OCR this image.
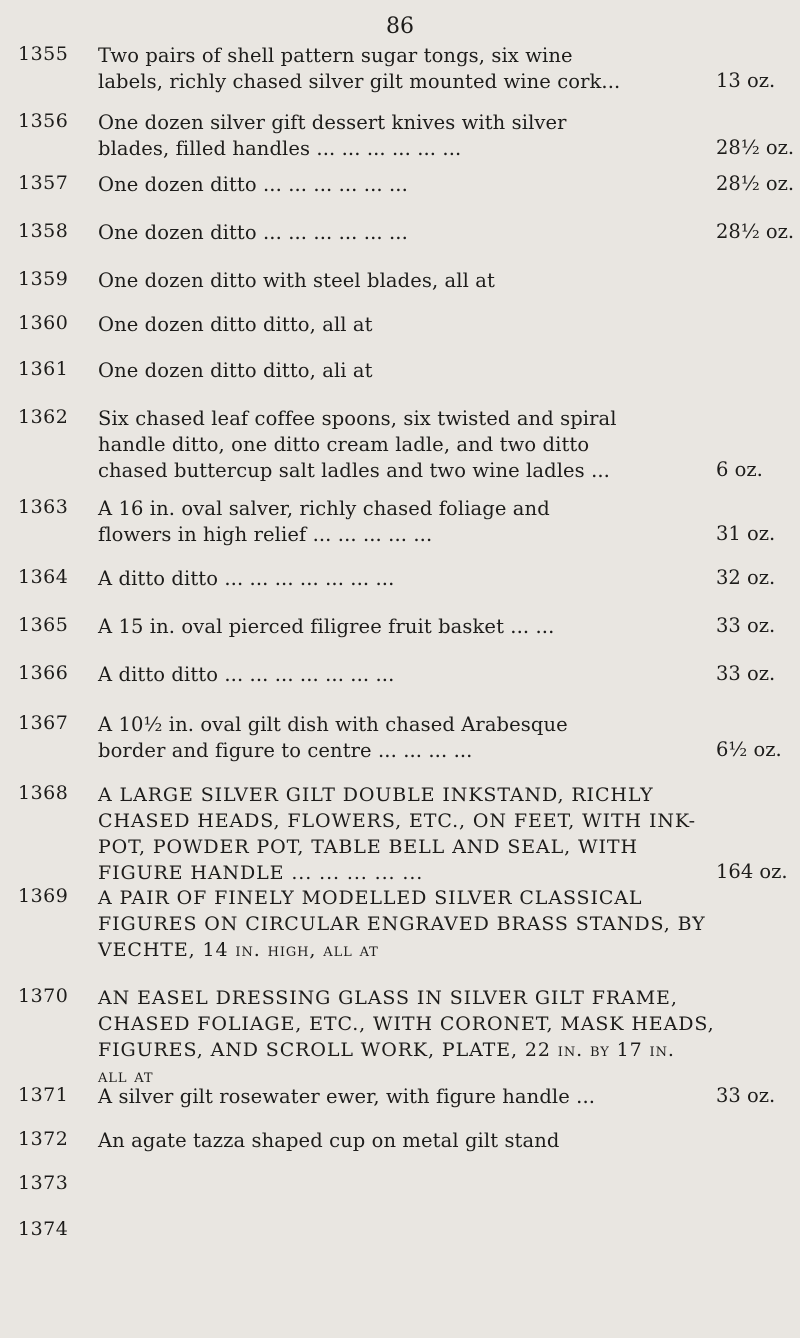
86
1355	Two pairs of shell pattern sugar tongs, six wine
labels, richly chased silver gilt mounted wine cork...	13 oz.
1356	One dozen silver gift dessert knives with silver
blades, filled handles ... ... ... ... ... ...	28½ oz.
1357	One dozen ditto ... ... ... ... ... ...	28½ oz.
1358	One dozen ditto ... ... ... ... ... ...	28½ oz.
1359	One dozen ditto with steel blades, all at
1360	One dozen ditto ditto, all at
1361	One dozen ditto ditto, ali at
1362	Six chased leaf coffee spoons, six twisted and spiral
handle ditto, one ditto cream ladle, and two ditto
chased buttercup salt ladles and two wine ladles ...	6 oz.
1363	A 16 in. oval salver, richly chased foliage and
flowers in high relief ... ... ... ... ...	31 oz.
1364	A ditto ditto ... ... ... ... ... ... ...	32 oz.
1365	A 15 in. oval pierced filigree fruit basket ... ...	33 oz.
1366	A ditto ditto ... ... ... ... ... ... ...	33 oz.
1367	A 10½ in. oval gilt dish with chased Arabesque
border and figure to centre ... ... ... ...	6½ oz.
1368	A LARGE SILVER GILT DOUBLE INKSTAND, RICHLY
CHASED HEADS, FLOWERS, ETC., ON FEET, WITH INK-
POT, POWDER POT, TABLE BELL AND SEAL, WITH
FIGURE HANDLE ... ... ... ... ...	164 oz.
1369	A PAIR OF FINELY MODELLED SILVER CLASSICAL
FIGURES ON CIRCULAR ENGRAVED BRASS STANDS, BY
VECHTE, 14 in. high, all at
1370	AN EASEL DRESSING GLASS IN SILVER GILT FRAME,
CHASED FOLIAGE, ETC., WITH CORONET, MASK HEADS,
FIGURES, AND SCROLL WORK, PLATE, 22 in. by 17 in.
all at
1371	A silver gilt rosewater ewer, with figure handle ...	33 oz.
1372	An agate tazza shaped cup on metal gilt stand
1373
1374
